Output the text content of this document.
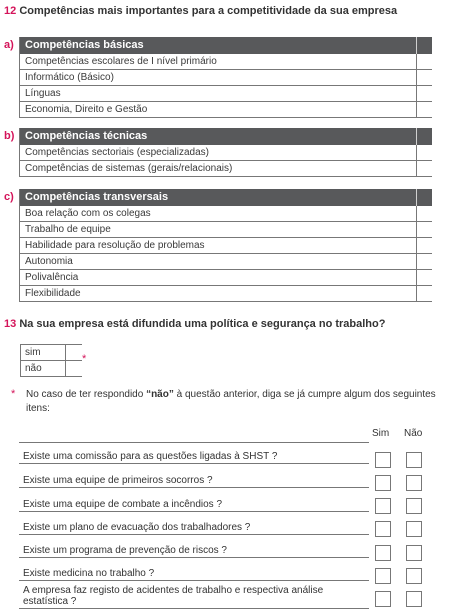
12 Competências mais importantes para a competitividade da sua empresa
a)	Competências básicas
Competências escolares de I nível primário
Informático (Básico)
Línguas
Economia, Direito e Gestão
b) Competências técnicas
Competências sectoriais (especializadas)
Competências de sistemas (gerais/relacionais)
c)	Competências transversais
Boa relação com os colegas
Trabalho de equipe
Habilidade para resolução de problemas
Autonomia
Polivalência
Flexibilidade
13 Na sua empresa está difundida uma política e segurança no trabalho?
sim
não
*
* No caso de ter respondido “não” à questão anterior, diga se já cumpre algum dos seguintes itens:
Sim Não
Existe uma comissão para as questões ligadas à SHST ?
Existe uma equipe de primeiros socorros ?
Existe uma equipe de combate a incêndios ?
Existe um plano de evacuação dos trabalhadores ?
Existe um programa de prevenção de riscos ?
Existe medicina no trabalho ?
A empresa faz registo de acidentes de trabalho e respectiva análise estatística ?
